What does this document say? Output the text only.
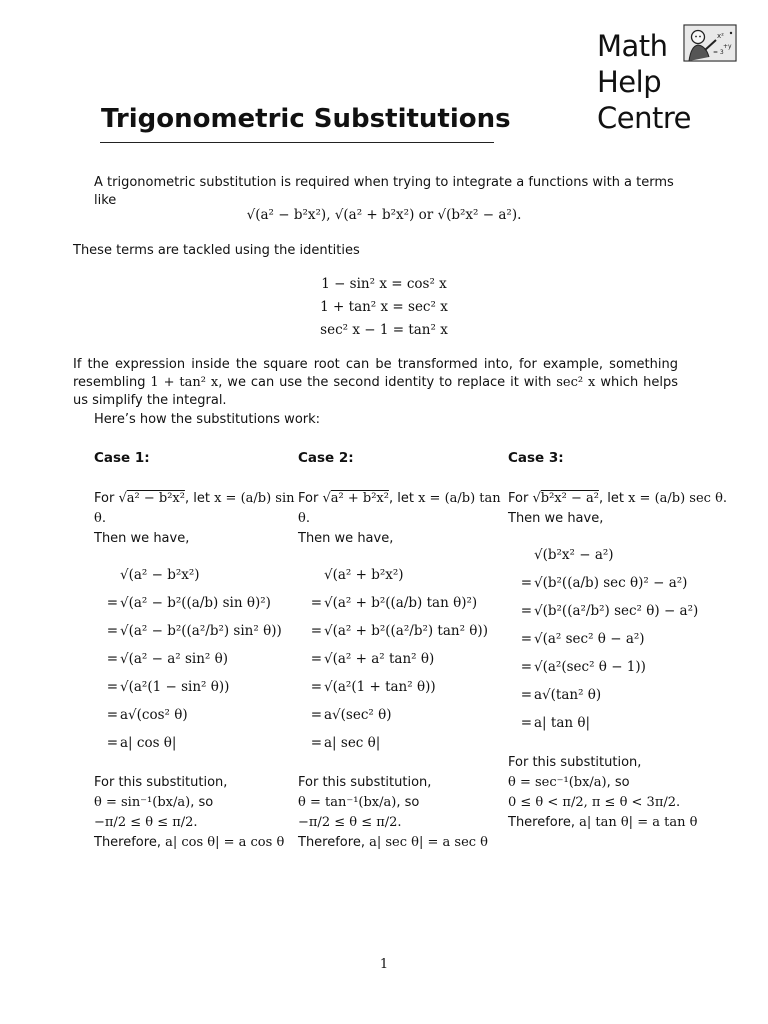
Math
Help Centre
x²
+y
= 3
Trigonometric Substitutions
A trigonometric substitution is required when trying to integrate a functions with a terms like
√(a² − b²x²), √(a² + b²x²) or √(b²x² − a²).
These terms are tackled using the identities
1 − sin² x = cos² x
1 + tan² x = sec² x
sec² x − 1 = tan² x
If the expression inside the square root can be transformed into, for example, something resembling 1 + tan² x, we can use the second identity to replace it with sec² x which helps us simplify the integral.
Here’s how the substitutions work:
Case 1:

For √a² − b²x², let x = (a/b) sin θ.
Then we have,

√(a² − b²x²)
= √(a² − b²((a/b) sin θ)²)
= √(a² − b²((a²/b²) sin² θ))
= √(a² − a² sin² θ)
= √(a²(1 − sin² θ))
= a√(cos² θ)
= a| cos θ|
For this substitution,
θ = sin⁻¹(bx/a), so
−π/2 ≤ θ ≤ π/2.
Therefore, a| cos θ| = a cos θ
Case 2:

For √a² + b²x², let x = (a/b) tan θ.
Then we have,

√(a² + b²x²)
= √(a² + b²((a/b) tan θ)²)
= √(a² + b²((a²/b²) tan² θ))
= √(a² + a² tan² θ)
= √(a²(1 + tan² θ))
= a√(sec² θ)
= a| sec θ|
For this substitution,
θ = tan⁻¹(bx/a), so
−π/2 ≤ θ ≤ π/2.
Therefore, a| sec θ| = a sec θ
Case 3:

For √b²x² − a², let x = (a/b) sec θ.
Then we have,

√(b²x² − a²)
= √(b²((a/b) sec θ)² − a²)
= √(b²((a²/b²) sec² θ) − a²)
= √(a² sec² θ − a²)
= √(a²(sec² θ − 1))
= a√(tan² θ)
= a| tan θ|
For this substitution,
θ = sec⁻¹(bx/a), so
0 ≤ θ < π/2, π ≤ θ < 3π/2.
Therefore, a| tan θ| = a tan θ
1
